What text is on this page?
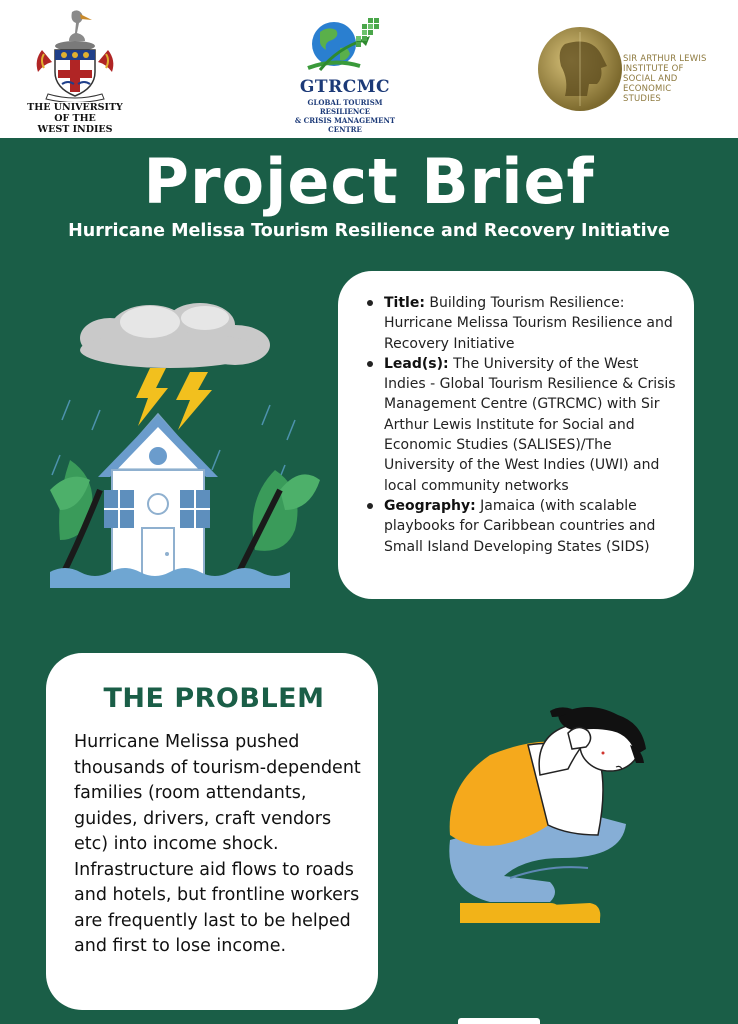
THE UNIVERSITY
OF THE
WEST INDIES
GTRCMC
GLOBAL TOURISM RESILIENCE
& CRISIS MANAGEMENT CENTRE
SIR ARTHUR LEWIS
INSTITUTE OF
SOCIAL AND
ECONOMIC
STUDIES
Project Brief
Hurricane Melissa Tourism Resilience and Recovery Initiative
Title: Building Tourism Resilience: Hurricane Melissa Tourism Resilience and Recovery Initiative
Lead(s): The University of the West Indies - Global Tourism Resilience & Crisis Management Centre (GTRCMC) with Sir Arthur Lewis Institute for Social and Economic Studies (SALISES)/The University of the West Indies (UWI) and local community networks
Geography: Jamaica (with scalable playbooks for Caribbean countries and Small Island Developing States (SIDS)
THE PROBLEM

Hurricane Melissa pushed thousands of tourism-dependent families (room attendants, guides, drivers, craft vendors etc) into income shock. Infrastructure aid flows to roads and hotels, but frontline workers are frequently last to be helped and first to lose income.
